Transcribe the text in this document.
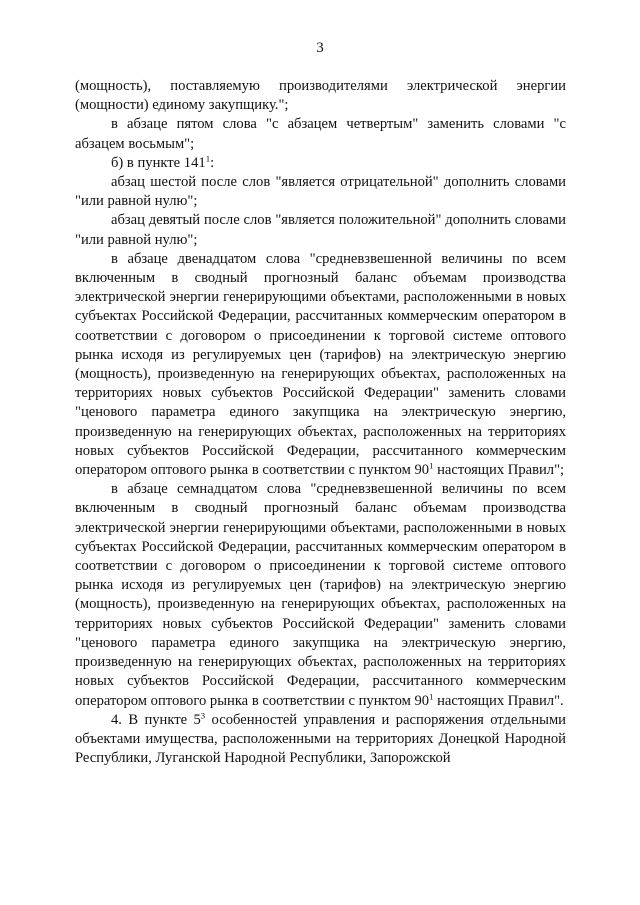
3

(мощность), поставляемую производителями электрической энергии (мощности) единому закупщику.";

в абзаце пятом слова "с абзацем четвертым" заменить словами "с абзацем восьмым";

б) в пункте $141^1$:

абзац шестой после слов "является отрицательной" дополнить словами "или равной нулю";

абзац девятый после слов "является положительной" дополнить словами "или равной нулю";

в абзаце двенадцатом слова "средневзвешенной величины по всем включенным в сводный прогнозный баланс объемам производства электрической энергии генерирующими объектами, расположенными в новых субъектах Российской Федерации, рассчитанных коммерческим оператором в соответствии с договором о присоединении к торговой системе оптового рынка исходя из регулируемых цен (тарифов) на электрическую энергию (мощность), произведенную на генерирующих объектах, расположенных на территориях новых субъектов Российской Федерации" заменить словами "ценового параметра единого закупщика на электрическую энергию, произведенную на генерирующих объектах, расположенных на территориях новых субъектов Российской Федерации, рассчитанного коммерческим оператором оптового рынка в соответствии с пунктом $90^1$ настоящих Правил";

в абзаце семнадцатом слова "средневзвешенной величины по всем включенным в сводный прогнозный баланс объемам производства электрической энергии генерирующими объектами, расположенными в новых субъектах Российской Федерации, рассчитанных коммерческим оператором в соответствии с договором о присоединении к торговой системе оптового рынка исходя из регулируемых цен (тарифов) на электрическую энергию (мощность), произведенную на генерирующих объектах, расположенных на территориях новых субъектов Российской Федерации" заменить словами "ценового параметра единого закупщика на электрическую энергию, произведенную на генерирующих объектах, расположенных на территориях новых субъектов Российской Федерации, рассчитанного коммерческим оператором оптового рынка в соответствии с пунктом $90^1$ настоящих Правил".

4. В пункте $5^3$ особенностей управления и распоряжения отдельными объектами имущества, расположенными на территориях Донецкой Народной Республики, Луганской Народной Республики, Запорожской
